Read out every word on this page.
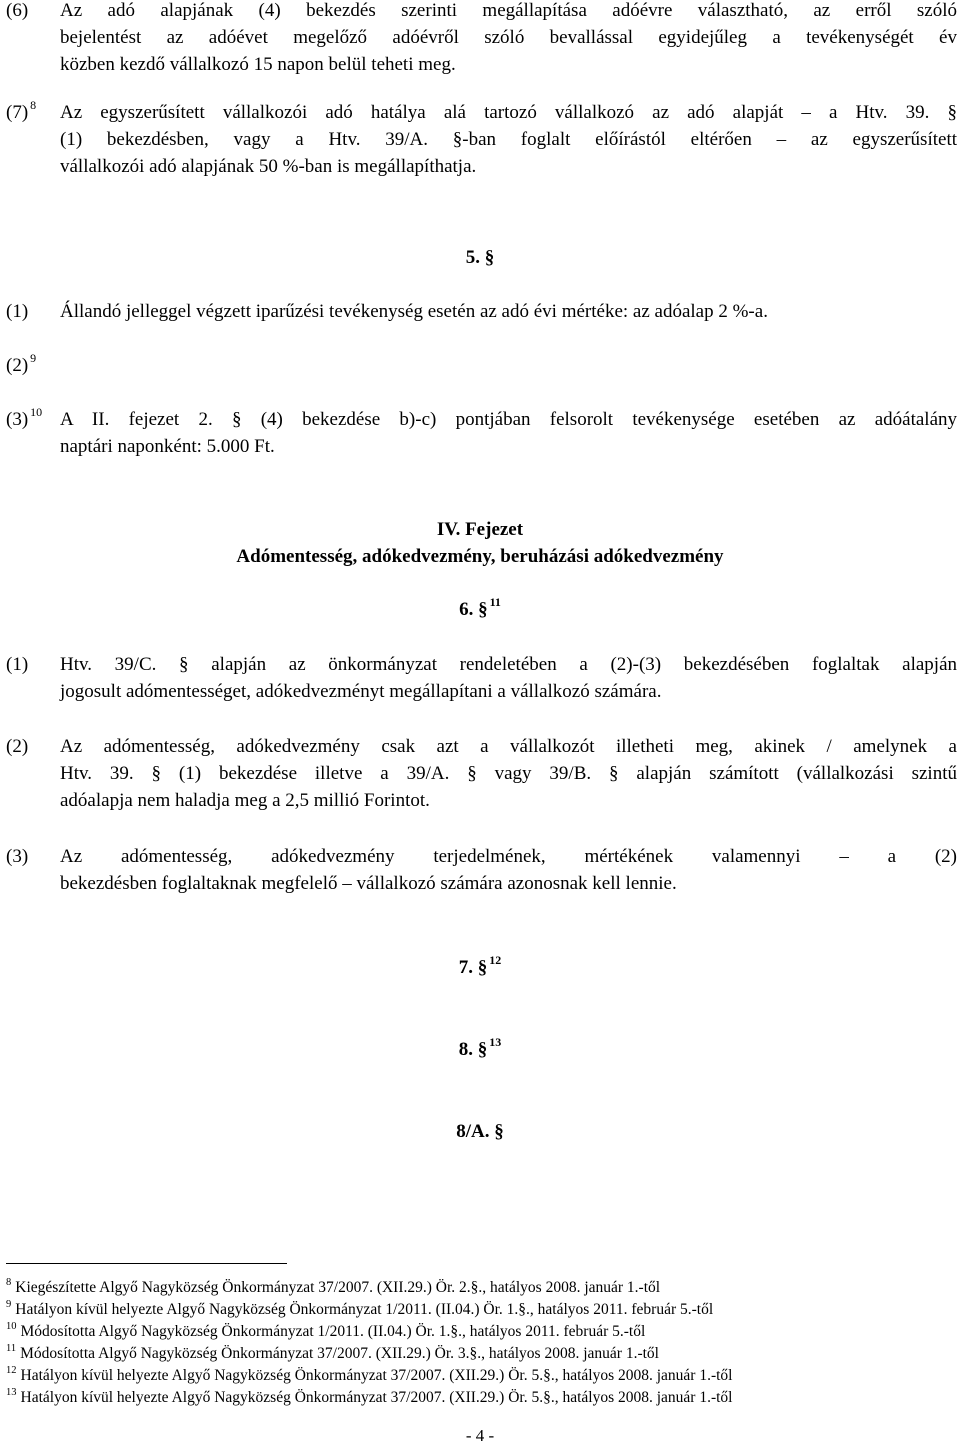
(6) Az adó alapjának (4) bekezdés szerinti megállapítása adóévre választható, az erről szóló
bejelentést az adóévet megelőző adóévről szóló bevallással egyidejűleg a tevékenységét év
közben kezdő vállalkozó 15 napon belül teheti meg.
(7) $^8$ Az egyszerűsített vállalkozói adó hatálya alá tartozó vállalkozó az adó alapját – a Htv. 39. §
(1) bekezdésben, vagy a Htv. 39/A. §-ban foglalt előírástól eltérően – az egyszerűsített
vállalkozói adó alapjának 50 %-ban is megállapíthatja.
5. §
(1) Állandó jelleggel végzett iparűzési tevékenység esetén az adó évi mértéke: az adóalap 2 %-a.
(2) $^9$
(3) $^{10}$ A II. fejezet 2. § (4) bekezdése b)-c) pontjában felsorolt tevékenysége esetében az adóátalány
naptári naponként: 5.000 Ft.
IV. Fejezet
Adómentesség, adókedvezmény, beruházási adókedvezmény
6. § $^{11}$
(1) Htv. 39/C. § alapján az önkormányzat rendeletében a (2)-(3) bekezdésében foglaltak alapján
jogosult adómentességet, adókedvezményt megállapítani a vállalkozó számára.
(2) Az adómentesség, adókedvezmény csak azt a vállalkozót illetheti meg, akinek / amelynek a
Htv. 39. § (1) bekezdése illetve a 39/A. § vagy 39/B. § alapján számított (vállalkozási szintű
adóalapja nem haladja meg a 2,5 millió Forintot.
(3) Az adómentesség, adókedvezmény terjedelmének, mértékének valamennyi – a (2)
bekezdésben foglaltaknak megfelelő – vállalkozó számára azonosnak kell lennie.
7. § $^{12}$
8. § $^{13}$
8/A. §
$^8$ Kiegészítette Algyő Nagyközség Önkormányzat 37/2007. (XII.29.) Ör. 2.§., hatályos 2008. január 1.-től
$^9$ Hatályon kívül helyezte Algyő Nagyközség Önkormányzat 1/2011. (II.04.) Ör. 1.§., hatályos 2011. február 5.-től
$^{10}$ Módosította Algyő Nagyközség Önkormányzat 1/2011. (II.04.) Ör. 1.§., hatályos 2011. február 5.-től
$^{11}$ Módosította Algyő Nagyközség Önkormányzat 37/2007. (XII.29.) Ör. 3.§., hatályos 2008. január 1.-től
$^{12}$ Hatályon kívül helyezte Algyő Nagyközség Önkormányzat 37/2007. (XII.29.) Ör. 5.§., hatályos 2008. január 1.-től
$^{13}$ Hatályon kívül helyezte Algyő Nagyközség Önkormányzat 37/2007. (XII.29.) Ör. 5.§., hatályos 2008. január 1.-től
- 4 -
